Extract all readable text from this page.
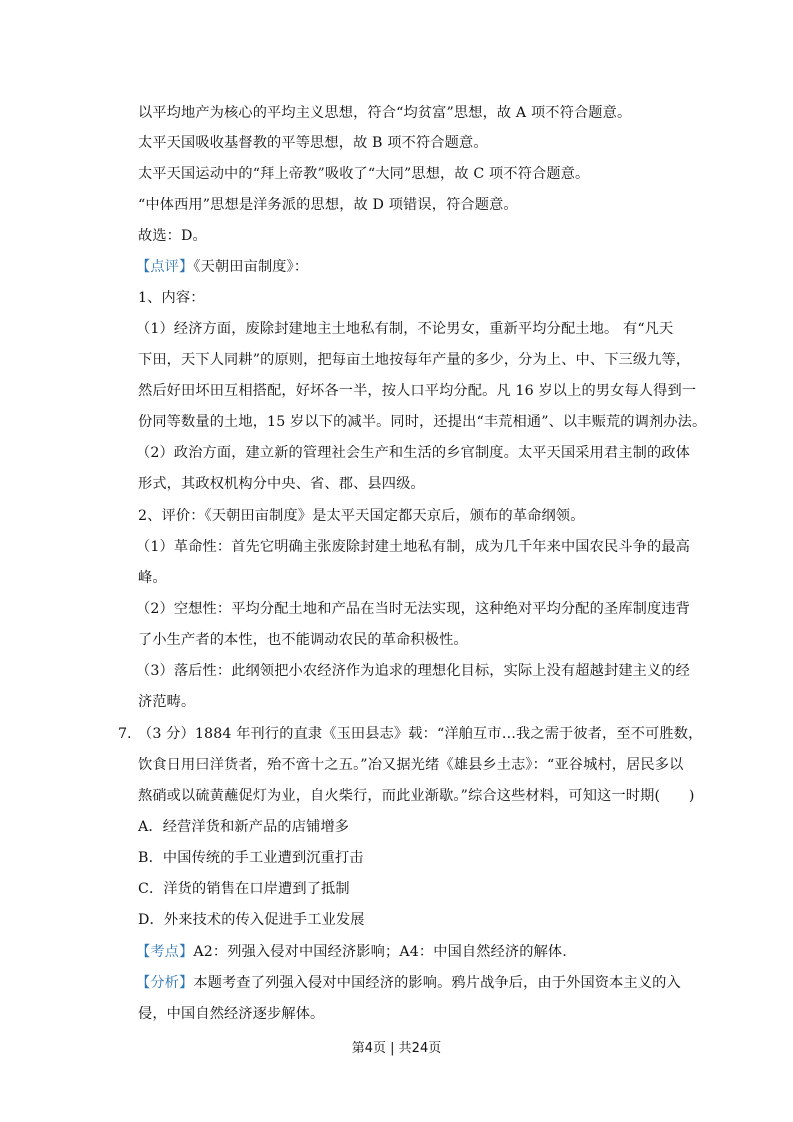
以平均地产为核心的平均主义思想，符合“均贫富”思想，故 A 项不符合题意。
太平天国吸收基督教的平等思想，故 B 项不符合题意。
太平天国运动中的“拜上帝教”吸收了“大同”思想，故 C 项不符合题意。
“中体西用”思想是洋务派的思想，故 D 项错误，符合题意。
故选：D。
【点评】《天朝田亩制度》：
1、内容：
（1）经济方面，废除封建地主土地私有制，不论男女，重新平均分配土地。 有“凡天
下田，天下人同耕”的原则，把每亩土地按每年产量的多少，分为上、中、下三级九等，
然后好田坏田互相搭配，好坏各一半，按人口平均分配。凡 16 岁以上的男女每人得到一
份同等数量的土地，15 岁以下的减半。同时，还提出“丰荒相通”、以丰赈荒的调剂办法。
（2）政治方面，建立新的管理社会生产和生活的乡官制度。太平天国采用君主制的政体
形式，其政权机构分中央、省、郡、县四级。
2、评价：《天朝田亩制度》是太平天国定都天京后，颁布的革命纲领。
（1）革命性：首先它明确主张废除封建土地私有制，成为几千年来中国农民斗争的最高
峰。
（2）空想性：平均分配土地和产品在当时无法实现，这种绝对平均分配的圣库制度违背
了小生产者的本性，也不能调动农民的革命积极性。
（3）落后性：此纲领把小农经济作为追求的理想化目标，实际上没有超越封建主义的经
济范畴。
7. （3 分）1884 年刊行的直隶《玉田县志》载：“洋舶互市…我之需于彼者，至不可胜数，
饮食日用曰洋货者，殆不啻十之五。”冶又据光绪《雄县乡土志》：“亚谷城村，居民多以
熬硝或以硫黄蘸促灯为业，自火柴行，而此业渐歇。”综合这些材料，可知这一时期(　　)
A．经营洋货和新产品的店铺增多
B．中国传统的手工业遭到沉重打击
C．洋货的销售在口岸遭到了抵制
D．外来技术的传入促进手工业发展
【考点】A2：列强入侵对中国经济影响；A4：中国自然经济的解体.
【分析】本题考查了列强入侵对中国经济的影响。鸦片战争后，由于外国资本主义的入
侵，中国自然经济逐步解体。
第4页 | 共24页
